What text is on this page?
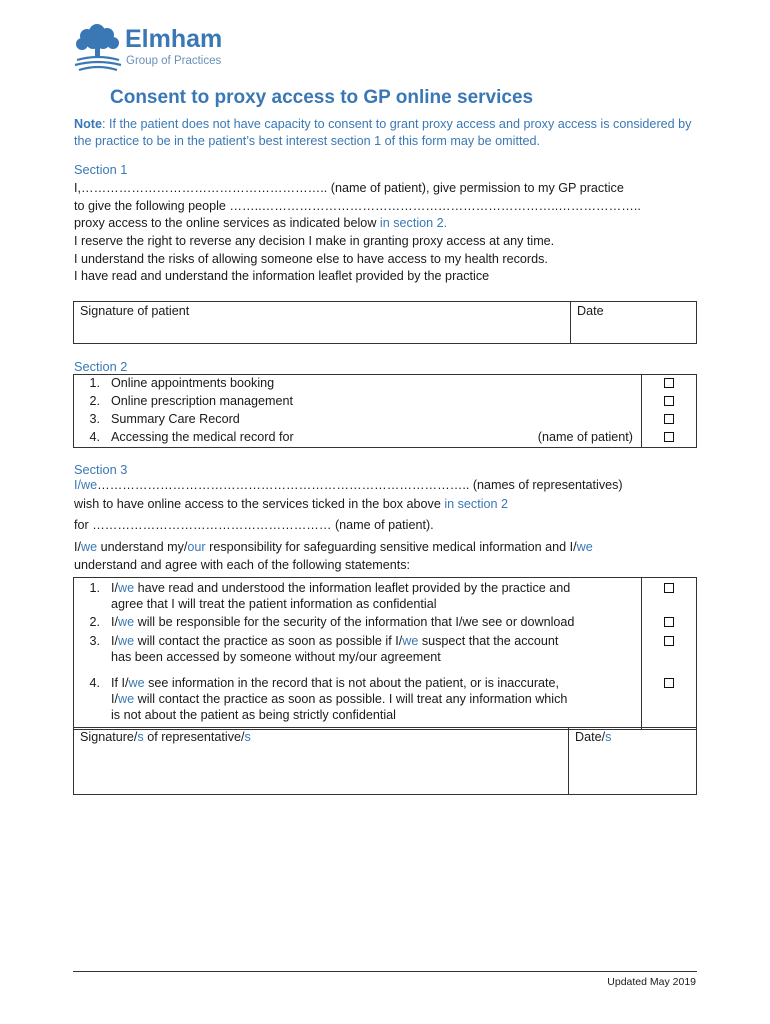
Elmham
Group of Practices
Consent to proxy access to GP online services
Note: If the patient does not have capacity to consent to grant proxy access and proxy access is considered by the practice to be in the patient’s best interest section 1 of this form may be omitted.
Section 1
I,………………………………………………….. (name of patient), give permission to my GP practice
to give the following people ……..……………………………………………………………..………………..
proxy access to the online services as indicated below in section 2.
I reserve the right to reverse any decision I make in granting proxy access at any time.
I understand the risks of allowing someone else to have access to my health records.
I have read and understand the information leaflet provided by the practice
Signature of patient	Date
Section 2
1.	Online appointments booking	
2.	Online prescription management	
3.	Summary Care Record	
4.	Accessing the medical record for (name of patient)	

Section 3
I/we…………………………………………………………………………….. (names of representatives)
wish to have online access to the services ticked in the box above in section 2
for ………………………………………………… (name of patient).
I/we understand my/our responsibility for safeguarding sensitive medical information and I/we
understand and agree with each of the following statements:
1.	I/we have read and understood the information leaflet provided by the practice and
agree that I will treat the patient information as confidential	
2.	I/we will be responsible for the security of the information that I/we see or download	
3.	I/we will contact the practice as soon as possible if I/we suspect that the account
has been accessed by someone without my/our agreement	
4.	If I/we see information in the record that is not about the patient, or is inaccurate,
I/we will contact the practice as soon as possible. I will treat any information which
is not about the patient as being strictly confidential	
Signature/s of representative/s	Date/s
Updated May 2019
